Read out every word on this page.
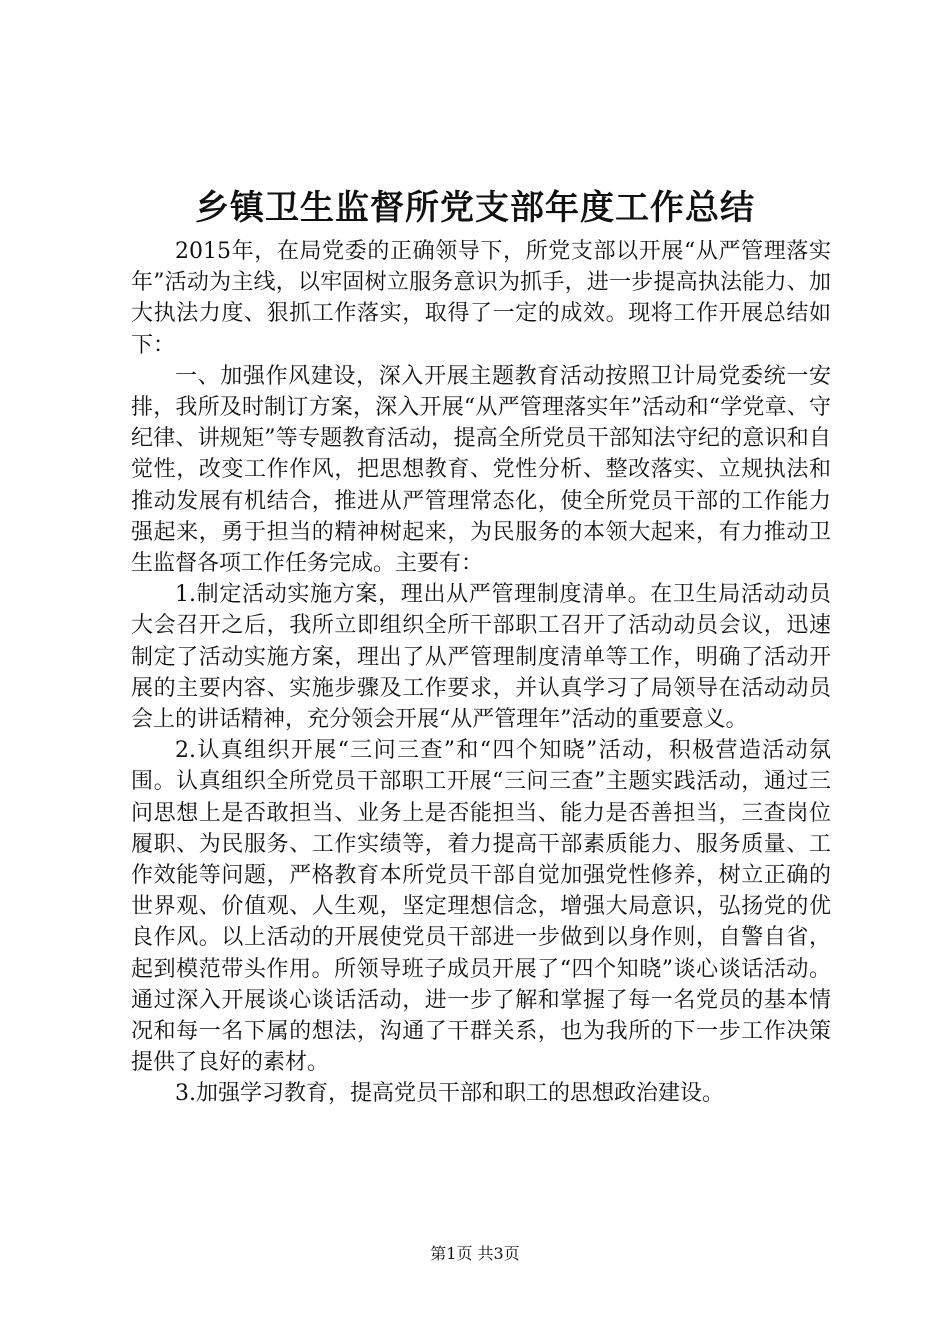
乡镇卫生监督所党支部年度工作总结

2015年，在局党委的正确领导下，所党支部以开展“从严管理落实年”活动为主线，以牢固树立服务意识为抓手，进一步提高执法能力、加大执法力度、狠抓工作落实，取得了一定的成效。现将工作开展总结如下：

一、加强作风建设，深入开展主题教育活动按照卫计局党委统一安排，我所及时制订方案，深入开展“从严管理落实年”活动和“学党章、守纪律、讲规矩”等专题教育活动，提高全所党员干部知法守纪的意识和自觉性，改变工作作风，把思想教育、党性分析、整改落实、立规执法和推动发展有机结合，推进从严管理常态化，使全所党员干部的工作能力强起来，勇于担当的精神树起来，为民服务的本领大起来，有力推动卫生监督各项工作任务完成。主要有：

1.制定活动实施方案，理出从严管理制度清单。在卫生局活动动员大会召开之后，我所立即组织全所干部职工召开了活动动员会议，迅速制定了活动实施方案，理出了从严管理制度清单等工作，明确了活动开展的主要内容、实施步骤及工作要求，并认真学习了局领导在活动动员会上的讲话精神，充分领会开展“从严管理年”活动的重要意义。

2.认真组织开展“三问三查”和“四个知晓”活动，积极营造活动氛围。认真组织全所党员干部职工开展“三问三查”主题实践活动，通过三问思想上是否敢担当、业务上是否能担当、能力是否善担当，三查岗位履职、为民服务、工作实绩等，着力提高干部素质能力、服务质量、工作效能等问题，严格教育本所党员干部自觉加强党性修养，树立正确的世界观、价值观、人生观，坚定理想信念，增强大局意识，弘扬党的优良作风。以上活动的开展使党员干部进一步做到以身作则，自警自省，起到模范带头作用。所领导班子成员开展了“四个知晓”谈心谈话活动。通过深入开展谈心谈话活动，进一步了解和掌握了每一名党员的基本情况和每一名下属的想法，沟通了干群关系，也为我所的下一步工作决策提供了良好的素材。

3.加强学习教育，提高党员干部和职工的思想政治建设。

第1页 共3页
